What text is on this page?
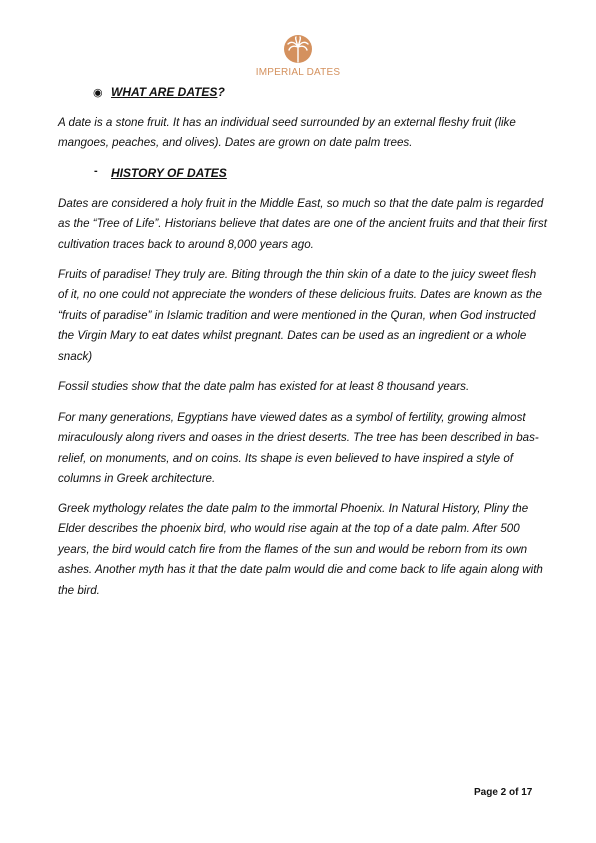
IMPERIAL DATES
◉ WHAT ARE DATES?

A date is a stone fruit. It has an individual seed surrounded by an external fleshy fruit (like mangoes, peaches, and olives). Dates are grown on date palm trees.

- HISTORY OF DATES

Dates are considered a holy fruit in the Middle East, so much so that the date palm is regarded as the “Tree of Life”. Historians believe that dates are one of the ancient fruits and that their first cultivation traces back to around 8,000 years ago.

Fruits of paradise! They truly are. Biting through the thin skin of a date to the juicy sweet flesh of it, no one could not appreciate the wonders of these delicious fruits. Dates are known as the “fruits of paradise” in Islamic tradition and were mentioned in the Quran, when God instructed the Virgin Mary to eat dates whilst pregnant. Dates can be used as an ingredient or a whole snack)

Fossil studies show that the date palm has existed for at least 8 thousand years.

For many generations, Egyptians have viewed dates as a symbol of fertility, growing almost miraculously along rivers and oases in the driest deserts. The tree has been described in bas-relief, on monuments, and on coins. Its shape is even believed to have inspired a style of columns in Greek architecture.

Greek mythology relates the date palm to the immortal Phoenix. In Natural History, Pliny the Elder describes the phoenix bird, who would rise again at the top of a date palm. After 500 years, the bird would catch fire from the flames of the sun and would be reborn from its own ashes. Another myth has it that the date palm would die and come back to life again along with the bird.

Page 2 of 17
